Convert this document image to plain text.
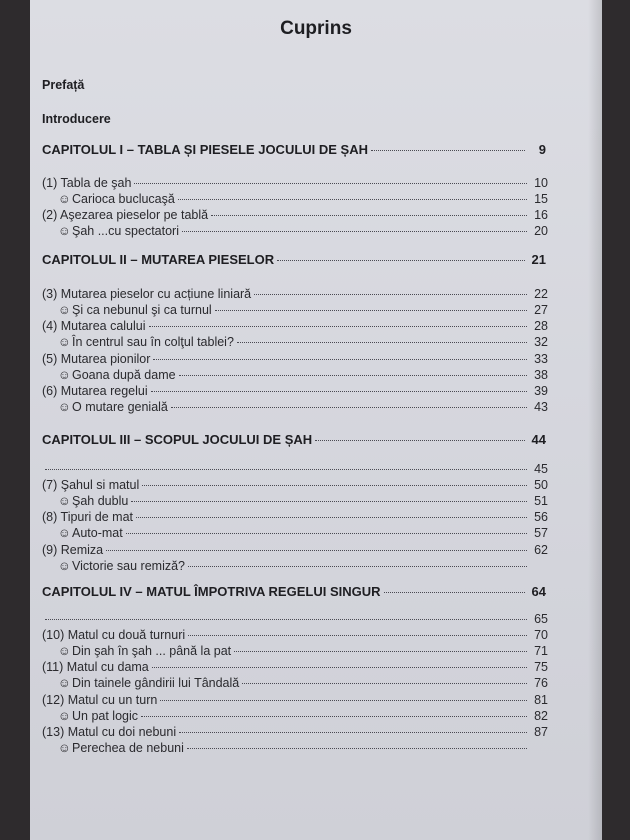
Cuprins
Prefață
Introducere
CAPITOLUL I – TABLA ȘI PIESELE JOCULUI DE ȘAH	9
(1) Tabla de şah	10
☺ Carioca buclucaşă	15
(2) Aşezarea pieselor pe tablă	16
☺ Şah ...cu spectatori	20
CAPITOLUL II – MUTAREA PIESELOR	21
(3) Mutarea pieselor cu acțiune liniară	22
☺ Şi ca nebunul şi ca turnul	27
(4) Mutarea calului	28
☺ În centrul sau în colţul tablei?	32
(5) Mutarea pionilor	33
☺ Goana după dame	38
(6) Mutarea regelui	39
☺ O mutare genială	43
CAPITOLUL III – SCOPUL JOCULUI DE ȘAH	44
45
(7) Şahul si matul	50
☺ Şah dublu	51
(8) Tipuri de mat	56
☺ Auto-mat	57
(9) Remiza	62
☺ Victorie sau remiză?
CAPITOLUL IV – MATUL ÎMPOTRIVA REGELUI SINGUR	64
65
(10) Matul cu două turnuri	70
☺ Din şah în şah ... până la pat	71
(11) Matul cu dama	75
☺ Din tainele gândirii lui Tândală	76
(12) Matul cu un turn	81
☺ Un pat logic	82
(13) Matul cu doi nebuni	87
☺ Perechea de nebuni
